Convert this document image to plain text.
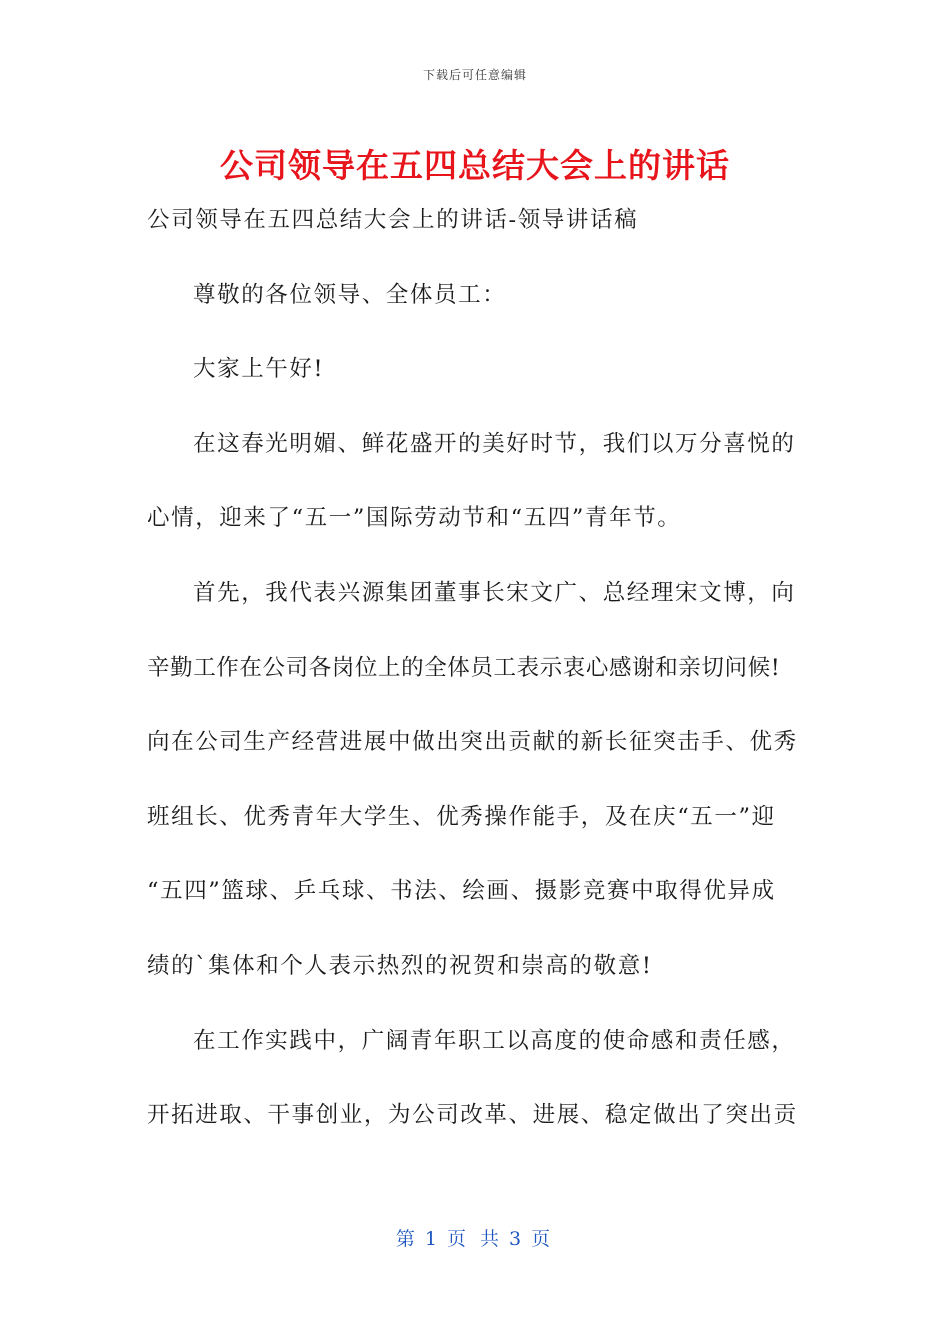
下载后可任意编辑
公司领导在五四总结大会上的讲话
公司领导在五四总结大会上的讲话-领导讲话稿
尊敬的各位领导、全体员工：
大家上午好!
在这春光明媚、鲜花盛开的美好时节，我们以万分喜悦的
心情，迎来了“五一”国际劳动节和“五四”青年节。
首先，我代表兴源集团董事长宋文广、总经理宋文博，向
辛勤工作在公司各岗位上的全体员工表示衷心感谢和亲切问候!
向在公司生产经营进展中做出突出贡献的新长征突击手、优秀
班组长、优秀青年大学生、优秀操作能手，及在庆“五一”迎
“五四”篮球、乒乓球、书法、绘画、摄影竞赛中取得优异成
绩的`集体和个人表示热烈的祝贺和崇高的敬意!
在工作实践中，广阔青年职工以高度的使命感和责任感，
开拓进取、干事创业，为公司改革、进展、稳定做出了突出贡
第 1 页 共 3 页
